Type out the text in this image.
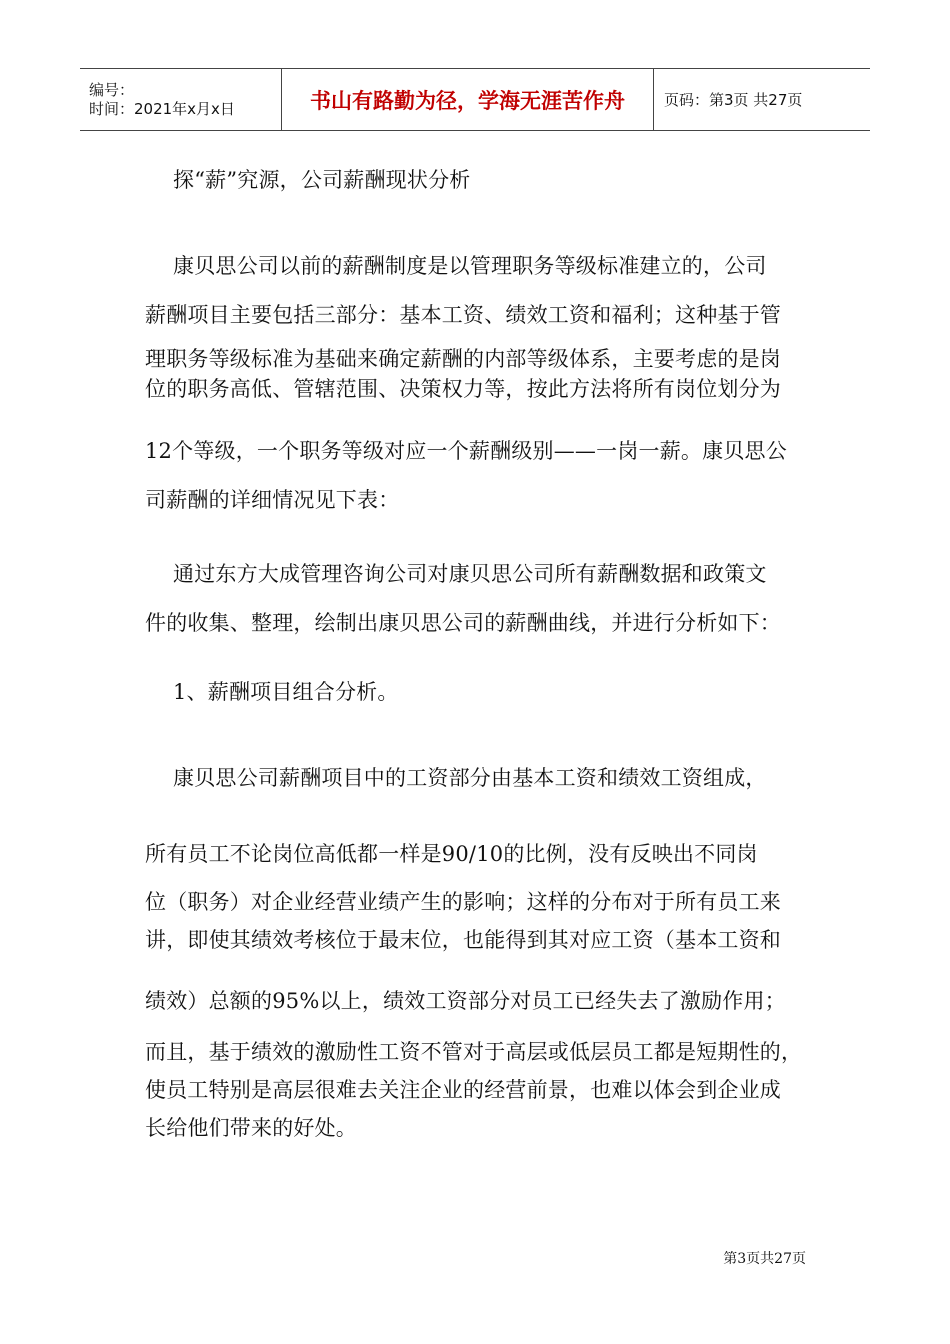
编号：
时间：2021年x月x日	书山有路勤为径，学海无涯苦作舟	页码：第3页 共27页

探“薪”究源，公司薪酬现状分析

康贝思公司以前的薪酬制度是以管理职务等级标准建立的，公司

薪酬项目主要包括三部分：基本工资、绩效工资和福利；这种基于管

理职务等级标准为基础来确定薪酬的内部等级体系，主要考虑的是岗

位的职务高低、管辖范围、决策权力等，按此方法将所有岗位划分为

12个等级，一个职务等级对应一个薪酬级别——一岗一薪。康贝思公

司薪酬的详细情况见下表：

通过东方大成管理咨询公司对康贝思公司所有薪酬数据和政策文

件的收集、整理，绘制出康贝思公司的薪酬曲线，并进行分析如下：

1、薪酬项目组合分析。

康贝思公司薪酬项目中的工资部分由基本工资和绩效工资组成，

所有员工不论岗位高低都一样是90/10的比例，没有反映出不同岗

位（职务）对企业经营业绩产生的影响；这样的分布对于所有员工来

讲，即使其绩效考核位于最末位，也能得到其对应工资（基本工资和

绩效）总额的95%以上，绩效工资部分对员工已经失去了激励作用；

而且，基于绩效的激励性工资不管对于高层或低层员工都是短期性的，

使员工特别是高层很难去关注企业的经营前景，也难以体会到企业成

长给他们带来的好处。

第3页共27页
